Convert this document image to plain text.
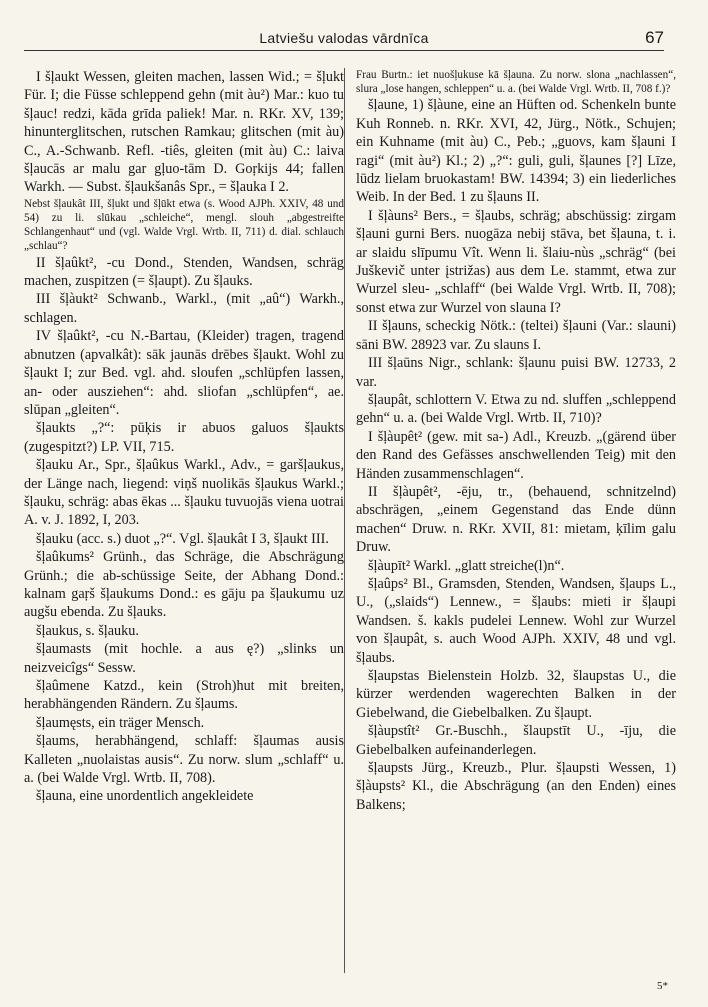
Latviešu valodas vārdnīca	67

I šļaukt Wessen, gleiten machen, lassen Wid.; = šļukt Für. I; die Füsse schleppend gehn (mit àu²) Mar.: kuo tu šļauc! redzi, kāda grīda paliek! Mar. n. RKr. XV, 139; hinunterglitschen, rutschen Ramkau; glitschen (mit àu) C., A.-Schwanb. Refl. -tiês, gleiten (mit àu) C.: laiva šļaucās ar malu gar gļuo-tām D. Goŗkijs 44; fallen Warkh. — Subst. šļaukšanâs Spr., = šļauka I 2.

Nebst šļaukât III, šļukt und šļūkt etwa (s. Wood AJPh. XXIV, 48 und 54) zu li. slūkau „schleiche“, mengl. slouh „abgestreifte Schlangenhaut“ und (vgl. Walde Vrgl. Wrtb. II, 711) d. dial. schlauch „schlau“?

II šļaûkt², -cu Dond., Stenden, Wandsen, schräg machen, zuspitzen (= šļaupt). Zu šļauks.

III šļàukt² Schwanb., Warkl., (mit „aû“) Warkh., schlagen.

IV šļaûkt², -cu N.-Bartau, (Kleider) tragen, tragend abnutzen (apvalkât): sāk jaunās drēbes šļaukt. Wohl zu šļaukt I; zur Bed. vgl. ahd. sloufen „schlüpfen lassen, an- oder ausziehen“: ahd. sliofan „schlüpfen“, ae. slūpan „gleiten“.

šļaukts „?“: pūķis ir abuos galuos šļaukts (zugespitzt?) LP. VII, 715.

šļauku Ar., Spr., šļaûkus Warkl., Adv., = garšļaukus, der Länge nach, liegend: viņš nuolikās šļaukus Warkl.; šļauku, schräg: abas ēkas ... šļauku tuvuojās viena uotrai A. v. J. 1892, I, 203.

šļauku (acc. s.) duot „?“. Vgl. šļaukât I 3, šļaukt III.

šļaûkums² Grünh., das Schräge, die Abschrägung Grünh.; die ab-schüssige Seite, der Abhang Dond.: kalnam gaŗš šļaukums Dond.: es gāju pa šļaukumu uz augšu ebenda. Zu šļauks.

šļaukus, s. šļauku.

šļaumasts (mit hochle. a aus ę?) „slinks un neizveicîgs“ Sessw.

šļaûmene Katzd., kein (Stroh)hut mit breiten, herabhängenden Rändern. Zu šļaums.

šļaumęsts, ein träger Mensch.

šļaums, herabhängend, schlaff: šļaumas ausis Kalleten „nuolaistas ausis“. Zu norw. slum „schlaff“ u. a. (bei Walde Vrgl. Wrtb. II, 708).

šļauna, eine unordentlich angekleidete

Frau Burtn.: iet nuošļukuse kā šļauna. Zu norw. slona „nachlassen“, slura „lose hangen, schleppen“ u. a. (bei Walde Vrgl. Wrtb. II, 708 f.)?

šļaune, 1) šļàune, eine an Hüften od. Schenkeln bunte Kuh Ronneb. n. RKr. XVI, 42, Jürg., Nötk., Schujen; ein Kuhname (mit àu) C., Peb.; „guovs, kam šļauni I ragi“ (mit àu²) Kl.; 2) „?“: guli, guli, šļaunes [?] Līze, lūdz lielam bruokastam! BW. 14394; 3) ein liederliches Weib. In der Bed. 1 zu šļauns II.

I šļàuns² Bers., = šļaubs, schräg; abschüssig: zirgam šļauni gurni Bers. nuogāza nebij stāva, bet šļauna, t. i. ar slaidu slīpumu Vît. Wenn li. šlaiu-nùs „schräg“ (bei Juškevič unter įstrižas) aus dem Le. stammt, etwa zur Wurzel sleu- „schlaff“ (bei Walde Vrgl. Wrtb. II, 708); sonst etwa zur Wurzel von slauna I?

II šļauns, scheckig Nötk.: (teltei) šļauni (Var.: slauni) sāni BW. 28923 var. Zu slauns I.

III šļaūns Nigr., schlank: šļaunu puisi BW. 12733, 2 var.

šļaupât, schlottern V. Etwa zu nd. sluffen „schleppend gehn“ u. a. (bei Walde Vrgl. Wrtb. II, 710)?

I šļàupêt² (gew. mit sa-) Adl., Kreuzb. „(gärend über den Rand des Gefässes anschwellenden Teig) mit den Händen zusammenschlagen“.

II šļàupêt², -ēju, tr., (behauend, schnitzelnd) abschrägen, „einem Gegenstand das Ende dünn machen“ Druw. n. RKr. XVII, 81: mietam, ķīlim galu Druw.

šļàupīt² Warkl. „glatt streiche(l)n“.

šļaûps² Bl., Gramsden, Stenden, Wandsen, šļaups L., U., („slaids“) Lennew., = šļaubs: mieti ir šļaupi Wandsen. š. kakls pudelei Lennew. Wohl zur Wurzel von šļaupât, s. auch Wood AJPh. XXIV, 48 und vgl. šļaubs.

šļaupstas Bielenstein Holzb. 32, šlaupstas U., die kürzer werdenden wagerechten Balken in der Giebelwand, die Giebelbalken. Zu šļaupt.

šļàupstît² Gr.-Buschh., šlaupstīt U., -īju, die Giebelbalken aufeinanderlegen.

šļaupsts Jürg., Kreuzb., Plur. šļaupsti Wessen, 1) šļàupsts² Kl., die Abschrägung (an den Enden) eines Balkens;

5*
